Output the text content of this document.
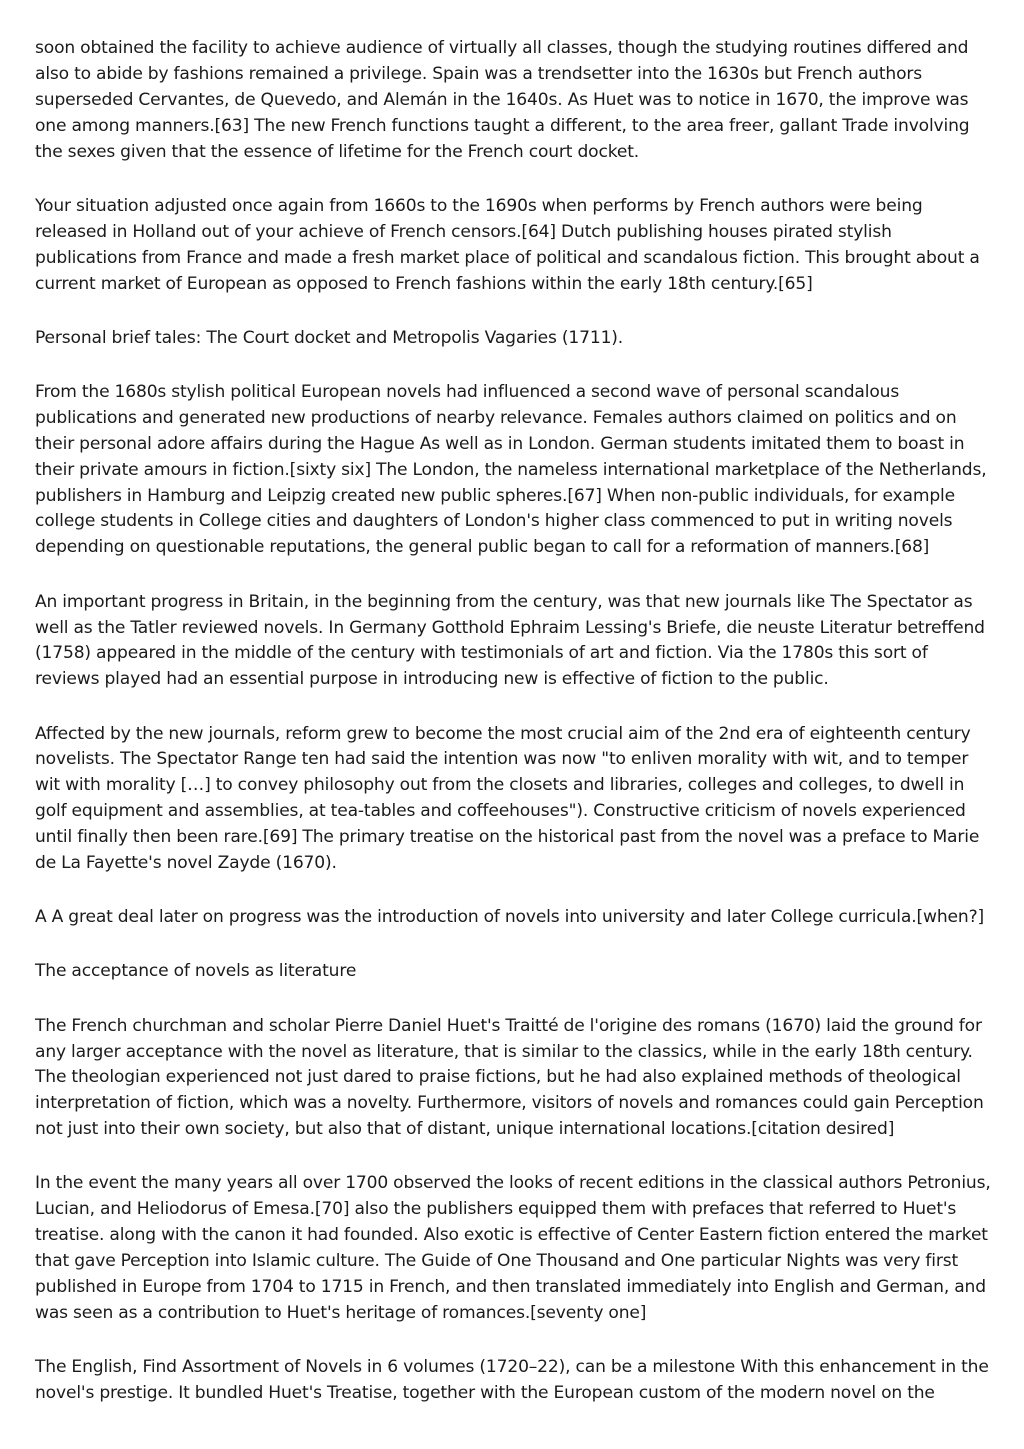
soon obtained the facility to achieve audience of virtually all classes, though the studying routines differed and also to abide by fashions remained a privilege. Spain was a trendsetter into the 1630s but French authors superseded Cervantes, de Quevedo, and Alemán in the 1640s. As Huet was to notice in 1670, the improve was one among manners.[63] The new French functions taught a different, to the area freer, gallant Trade involving the sexes given that the essence of lifetime for the French court docket.

Your situation adjusted once again from 1660s to the 1690s when performs by French authors were being released in Holland out of your achieve of French censors.[64] Dutch publishing houses pirated stylish publications from France and made a fresh market place of political and scandalous fiction. This brought about a current market of European as opposed to French fashions within the early 18th century.[65]

Personal brief tales: The Court docket and Metropolis Vagaries (1711).

From the 1680s stylish political European novels had influenced a second wave of personal scandalous publications and generated new productions of nearby relevance. Females authors claimed on politics and on their personal adore affairs during the Hague As well as in London. German students imitated them to boast in their private amours in fiction.[sixty six] The London, the nameless international marketplace of the Netherlands, publishers in Hamburg and Leipzig created new public spheres.[67] When non-public individuals, for example college students in College cities and daughters of London's higher class commenced to put in writing novels depending on questionable reputations, the general public began to call for a reformation of manners.[68]

An important progress in Britain, in the beginning from the century, was that new journals like The Spectator as well as the Tatler reviewed novels. In Germany Gotthold Ephraim Lessing's Briefe, die neuste Literatur betreffend (1758) appeared in the middle of the century with testimonials of art and fiction. Via the 1780s this sort of reviews played had an essential purpose in introducing new is effective of fiction to the public.

Affected by the new journals, reform grew to become the most crucial aim of the 2nd era of eighteenth century novelists. The Spectator Range ten had said the intention was now "to enliven morality with wit, and to temper wit with morality […] to convey philosophy out from the closets and libraries, colleges and colleges, to dwell in golf equipment and assemblies, at tea-tables and coffeehouses"). Constructive criticism of novels experienced until finally then been rare.[69] The primary treatise on the historical past from the novel was a preface to Marie de La Fayette's novel Zayde (1670).

A A great deal later on progress was the introduction of novels into university and later College curricula.[when?]

The acceptance of novels as literature

The French churchman and scholar Pierre Daniel Huet's Traitté de l'origine des romans (1670) laid the ground for any larger acceptance with the novel as literature, that is similar to the classics, while in the early 18th century. The theologian experienced not just dared to praise fictions, but he had also explained methods of theological interpretation of fiction, which was a novelty. Furthermore, visitors of novels and romances could gain Perception not just into their own society, but also that of distant, unique international locations.[citation desired]

In the event the many years all over 1700 observed the looks of recent editions in the classical authors Petronius, Lucian, and Heliodorus of Emesa.[70] also the publishers equipped them with prefaces that referred to Huet's treatise. along with the canon it had founded. Also exotic is effective of Center Eastern fiction entered the market that gave Perception into Islamic culture. The Guide of One Thousand and One particular Nights was very first published in Europe from 1704 to 1715 in French, and then translated immediately into English and German, and was seen as a contribution to Huet's heritage of romances.[seventy one]

The English, Find Assortment of Novels in 6 volumes (1720–22), can be a milestone With this enhancement in the novel's prestige. It bundled Huet's Treatise, together with the European custom of the modern novel on the
